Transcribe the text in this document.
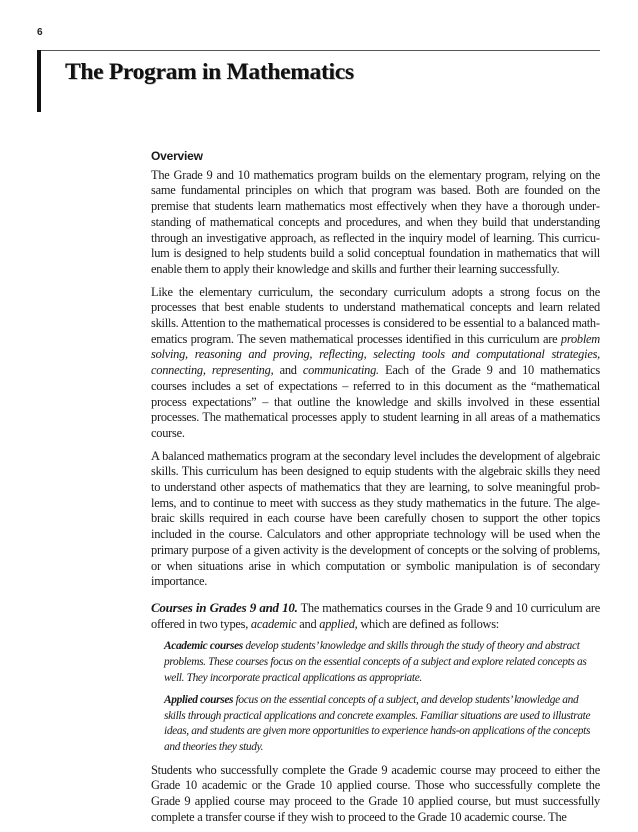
6
The Program in Mathematics
Overview

The Grade 9 and 10 mathematics program builds on the elementary program, relying on the same fundamental principles on which that program was based. Both are founded on the premise that students learn mathematics most effectively when they have a thorough understanding of mathematical concepts and procedures, and when they build that understanding through an investigative approach, as reflected in the inquiry model of learning. This curriculum is designed to help students build a solid conceptual foundation in mathematics that will enable them to apply their knowledge and skills and further their learning successfully.

Like the elementary curriculum, the secondary curriculum adopts a strong focus on the processes that best enable students to understand mathematical concepts and learn related skills. Attention to the mathematical processes is considered to be essential to a balanced mathematics program. The seven mathematical processes identified in this curriculum are problem solving, reasoning and proving, reflecting, selecting tools and computational strategies, connecting, representing, and communicating. Each of the Grade 9 and 10 mathematics courses includes a set of expectations – referred to in this document as the “mathematical process expectations” – that outline the knowledge and skills involved in these essential processes. The mathematical processes apply to student learning in all areas of a mathematics course.

A balanced mathematics program at the secondary level includes the development of algebraic skills. This curriculum has been designed to equip students with the algebraic skills they need to understand other aspects of mathematics that they are learning, to solve meaningful problems, and to continue to meet with success as they study mathematics in the future. The algebraic skills required in each course have been carefully chosen to support the other topics included in the course. Calculators and other appropriate technology will be used when the primary purpose of a given activity is the development of concepts or the solving of problems, or when situations arise in which computation or symbolic manipulation is of secondary importance.

Courses in Grades 9 and 10. The mathematics courses in the Grade 9 and 10 curriculum are offered in two types, academic and applied, which are defined as follows:

Academic courses develop students’ knowledge and skills through the study of theory and abstract problems. These courses focus on the essential concepts of a subject and explore related concepts as well. They incorporate practical applications as appropriate.

Applied courses focus on the essential concepts of a subject, and develop students’ knowledge and skills through practical applications and concrete examples. Familiar situations are used to illustrate ideas, and students are given more opportunities to experience hands-on applications of the concepts and theories they study.

Students who successfully complete the Grade 9 academic course may proceed to either the Grade 10 academic or the Grade 10 applied course. Those who successfully complete the Grade 9 applied course may proceed to the Grade 10 applied course, but must successfully complete a transfer course if they wish to proceed to the Grade 10 academic course. The
